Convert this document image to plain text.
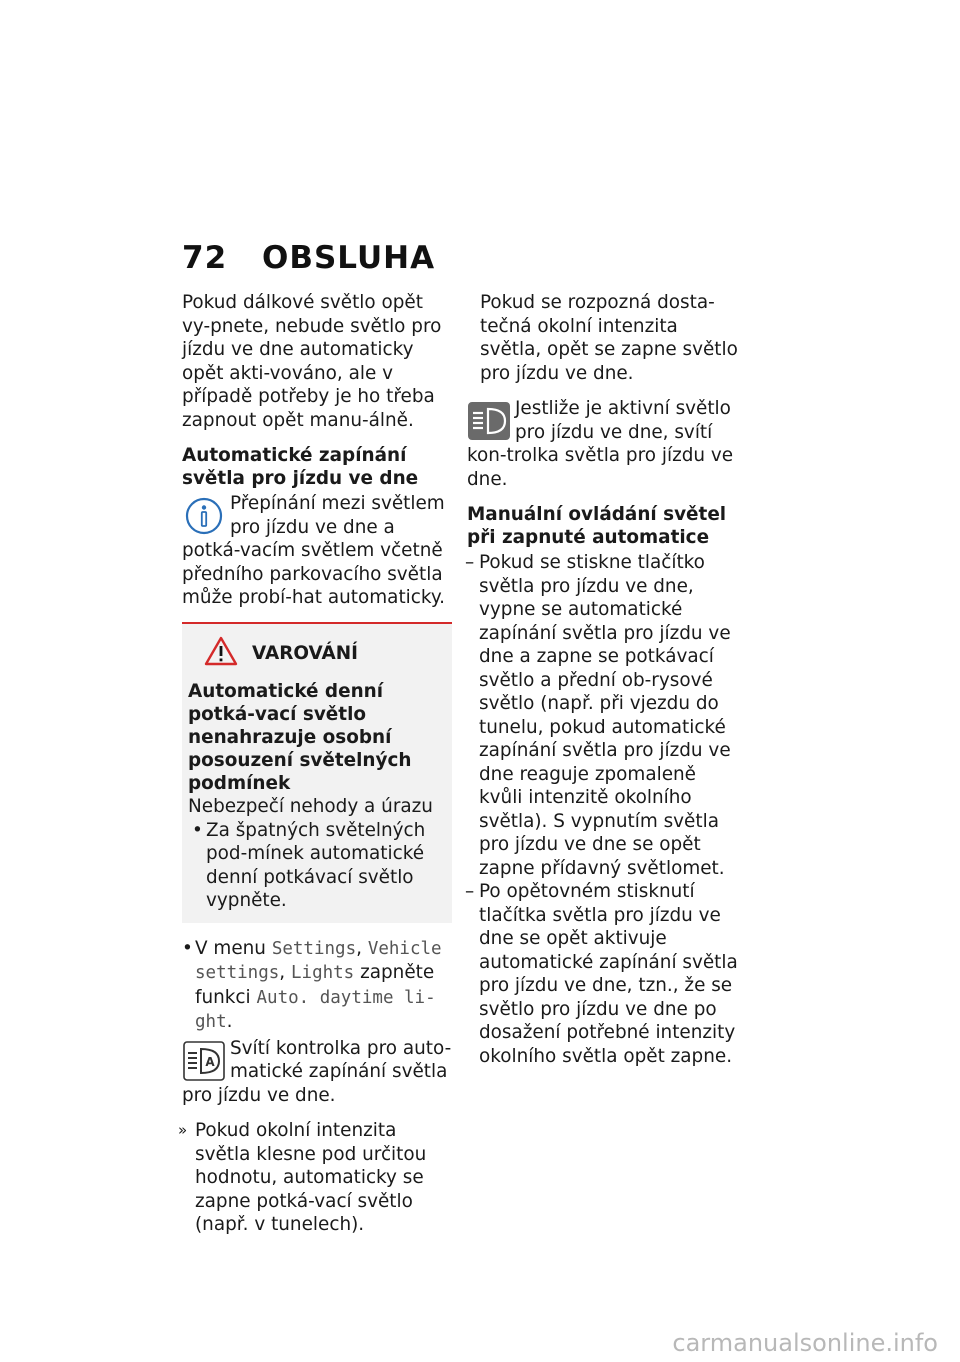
72 OBSLUHA

Pokud dálkové světlo opět vy-pnete, nebude světlo pro jízdu ve dne automaticky opět akti-vováno, ale v případě potřeby je ho třeba zapnout opět manu-álně.

Automatické zapínání světla pro jízdu ve dne
Přepínání mezi světlem pro jízdu ve dne a potká-vacím světlem včetně předního parkovacího světla může probí-hat automaticky.
VAROVÁNÍ
Automatické denní potká-vací světlo nenahrazuje osobní posouzení světelných podmínek
Nebezpečí nehody a úrazu
• Za špatných světelných pod-mínek automatické denní potkávací světlo vypněte.
• V menu Settings, Vehicle settings, Lights zapněte funkci Auto. daytime li-ght.
A
Svítí kontrolka pro auto-matické zapínání světla pro jízdu ve dne.
» Pokud okolní intenzita světla klesne pod určitou hodnotu, automaticky se zapne potká-vací světlo (např. v tunelech).

Pokud se rozpozná dosta-tečná okolní intenzita světla, opět se zapne světlo pro jízdu ve dne.

Jestliže je aktivní světlo pro jízdu ve dne, svítí kon-trolka světla pro jízdu ve dne.
Manuální ovládání světel při zapnuté automatice
– Pokud se stiskne tlačítko světla pro jízdu ve dne, vypne se automatické zapínání světla pro jízdu ve dne a zapne se potkávací světlo a přední ob-rysové světlo (např. při vjezdu do tunelu, pokud automatické zapínání světla pro jízdu ve dne reaguje zpomaleně kvůli intenzitě okolního světla). S vypnutím světla pro jízdu ve dne se opět zapne přídavný světlomet.
– Po opětovném stisknutí tlačítka světla pro jízdu ve dne se opět aktivuje automatické zapínání světla pro jízdu ve dne, tzn., že se světlo pro jízdu ve dne po dosažení potřebné intenzity okolního světla opět zapne.
carmanualsonline.info
